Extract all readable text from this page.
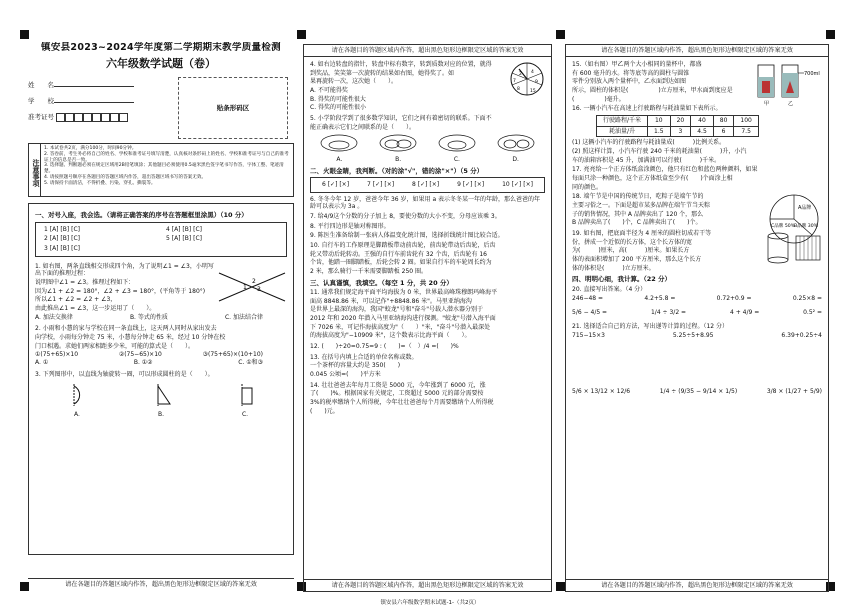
镇安县2023~2024学年度第二学期期末教学质量检测
六年级数学试题（卷）
姓　　名
学　　校
准考证号
贴条形码区
注意事项
1. 本试卷共2页，满分100分，时间90分钟。
2. 答卷前，考生务必将自己的姓名、学校和准考证号填写清楚，认真核对条形码上的姓名、学校和准考证号与自己的准考证上的信息是否一致。
3. 选择题、判断题必须在规定区域用2B铅笔填涂；其他题目必须使用0.5毫米黑色签字笔书写作答，字体工整、笔迹清楚。
4. 请按照题号顺序在各题目的答题区域内作答，超出答题区域书写的答案无效。
5. 请保持卡面清洁，不得折叠、污染、穿孔、撕裂等。
一、对号入座，我会选。（请将正确答案的序号在答题框里涂黑）（10 分）
1 [A] [B] [C]	4 [A] [B] [C]
2 [A] [B] [C]	5 [A] [B] [C]
3 [A] [B] [C]
1
2
3
1. 如右图，两条直线相交形成四个角，为了说明∠1 = ∠3，小明写出下面的推理过程：
说明图中∠1 = ∠3。推理过程如下：
因为∠1 + ∠2 = 180°，∠2 + ∠3 = 180°，(平角等于 180°)
所以∠1 + ∠2 = ∠2 + ∠3，
由此推出∠1 = ∠3，这一步运用了（　　）。
A. 加法交换律	B. 等式的性质	C. 加法结合律
2. 小雨和小慧的家与学校在同一条直线上，这天两人同时从家出发去
向学校，小雨每分钟走 75 米，小慧每分钟走 65 米，经过 10 分钟在校
门口相遇。求她们两家相距多少米，可能的算式是（　　）。
①(75+65)×10	②(75−65)×10	③(75+65)×(10+10)
A. ①	B. ①②	C. ①和③
3. 下列图形中，以直线为轴旋转一圈，可以形成圆柱的是（　　）。
A.	B.	C.
请在各题目的答题区域内作答，超出黑色矩形边框限定区域的答案无效
请在各题目的答题区域内作答，超出黑色矩形边框限定区域的答案无效
2 4
9
15
8
7
4. 如右边转盘的指针，转盘中标有数字，转到质数对应的位置，就得
到奖品，笑笑第一次旋转的结果如右图，她得奖了。如
果再旋转一次，这次她（　　）。
A. 不可能得奖
B. 得奖的可能性很大
C. 得奖的可能性很小
5. 小学阶段学到了很多数学知识，它们之间有着密切的联系。下面不
能正确表示它们之间联系的是（　　）。
A.	B.	C.	D.
二、火眼金睛，我判断。（对的涂"√"，错的涂"×"）（5 分）
6 [✓] [×]	7 [✓] [×]	8 [✓] [×]	9 [✓] [×]	10 [✓] [×]
6. 冬冬今年 12 岁，爸爸今年 36 岁，如果用 a 表示冬冬某一年的年龄，那么爸爸的年龄可以表示为 3a 。
7. 给4/9这个分数的分子加上 8，要使分数的大小不变，分母应该乘 3。
8. 平行四边形是轴对称图形。
9. 陈医生准备给制一张病人体温变化统计图，选择折线统计图比较合适。
10. 自行车的工作原理是脚踏板带动前齿轮，前齿轮带动后齿轮，后齿
轮又带动后轮转动。王强的自行车前齿轮有 32 个齿，后齿轮有 16
个齿，他踏一圈脚踏板，后轮会转 2 圈。如果自行车的车轮周长约为
2 米，那么骑行一千米需要脚踏板 250 圈。
三、认真谨慎，我填空。（每空 1 分，共 20 分）
11. 通常我们规定海平面平均海拔为 0 米，世界最高峰珠穆朗玛峰海平
面高 8848.86 米，可以记作"+8848.86 米"。马里亚纳海沟
是世界上最深的海沟，我国"蛟龙"号和"奋斗"号载人潜水器分别于
2012 年和 2020 年潜入马里亚纳海沟进行探测。"蛟龙"号潜入海平面
下 7026 米，可记作海拔高度为"（　　）"米，"奋斗"号潜入最深处
的海拔高度为"−10909 米"，这个数表示比海平面（　　）。
12. (　　)÷20=0.75=9 : (　　)=（　）/4 =(　　)%
13. 在括号内填上合适的单位名称或数。
一个茶杯的容量大约是 350(　　)
0.045 公顷=(　　)平方米
14. 壮壮爸爸去年每月工资是 5000 元，今年涨到了 6000 元，涨
了(　　)%。根据国家有关规定，工资超过 5000 元的部分需要按
3%的税率缴纳个人所得税，今年壮壮爸爸每个月需要缴纳个人所得税
(　　)元。
请在各题目的答题区域内作答，超出黑色矩形边框限定区域的答案无效
请在各题目的答题区域内作答，超出黑色矩形边框限定区域的答案无效
700ml
甲	乙
15.（如右图）甲乙两个大小相同的量杯中，都盛
有 600 毫升的水。将等底等高的圆柱与圆锥
零件分别放入两个量杯中，乙水面到达如图
所示，圆柱的体积是(　　　　　)立方厘米，甲水面到度应是
(　　　　　)毫升。
16. 一辆小汽车在高速上行驶路程与耗油量如下表所示。
行驶路程/千米	10	20	40	80	100
耗油量/升	1.5	3	4.5	6	7.5
(1) 这辆小汽车的行驶路程与耗油量成(　　　)比例关系。
(2) 照这样计算，小汽车行驶 240 千米的耗油量(　　　)升，小汽
车的油箱容积是 45 升，加满油可以行驶(　　　)千米。
17. 亮亮给一个正方体纸盒涂颜色，他只有红色和蓝色两种颜料，如果
每面只涂一种颜色，这个正方体纸盒至少有(　　)个面涂上相
同的颜色。
A品牌
B品牌 30%
C品牌 50%
18. 端午节是中国的传统节日，吃粽子是端午节的
主要习俗之一。下面是超市某多品牌在端午节当天粽
子的销售情况，其中 A 品牌卖出了 120 个，那么
B 品牌卖出了(　　)个，C 品牌卖出了(　　)个。
19. 如右图，把底面半径为 4 厘米的圆柱切成若干等
份，拼成一个近似的长方体，这个长方体的宽
为(　　　)厘米，高(　　　)厘米。如果长方
体的表面积增加了 200 平方厘米，那么这个长方
体的体积是(　　　)立方厘米。
四、明明心细，我计算。（22 分）
20. 直接写出答案。（4 分）
246−48 =	4.2+5.8 =	0.72+0.9 =	0.25×8 =
5/6 − 4/5 =	1/4 ÷ 3/2 =	4 + 4/9 =	0.5² =
21. 选择适合自己的方法，写出递等计算的过程。（12 分）
715−15×3	5.25÷5+8.95	6.39+0.25÷4
5/6 × 13/12 × 12/6	1/4 ÷ (9/35 − 9/14 × 1/5)	3/8 × (1/27 + 5/9)
请在各题目的答题区域内作答，超出黑色矩形边框限定区域的答案无效
镇安县六年级数学期末试题-1-（共2页）
